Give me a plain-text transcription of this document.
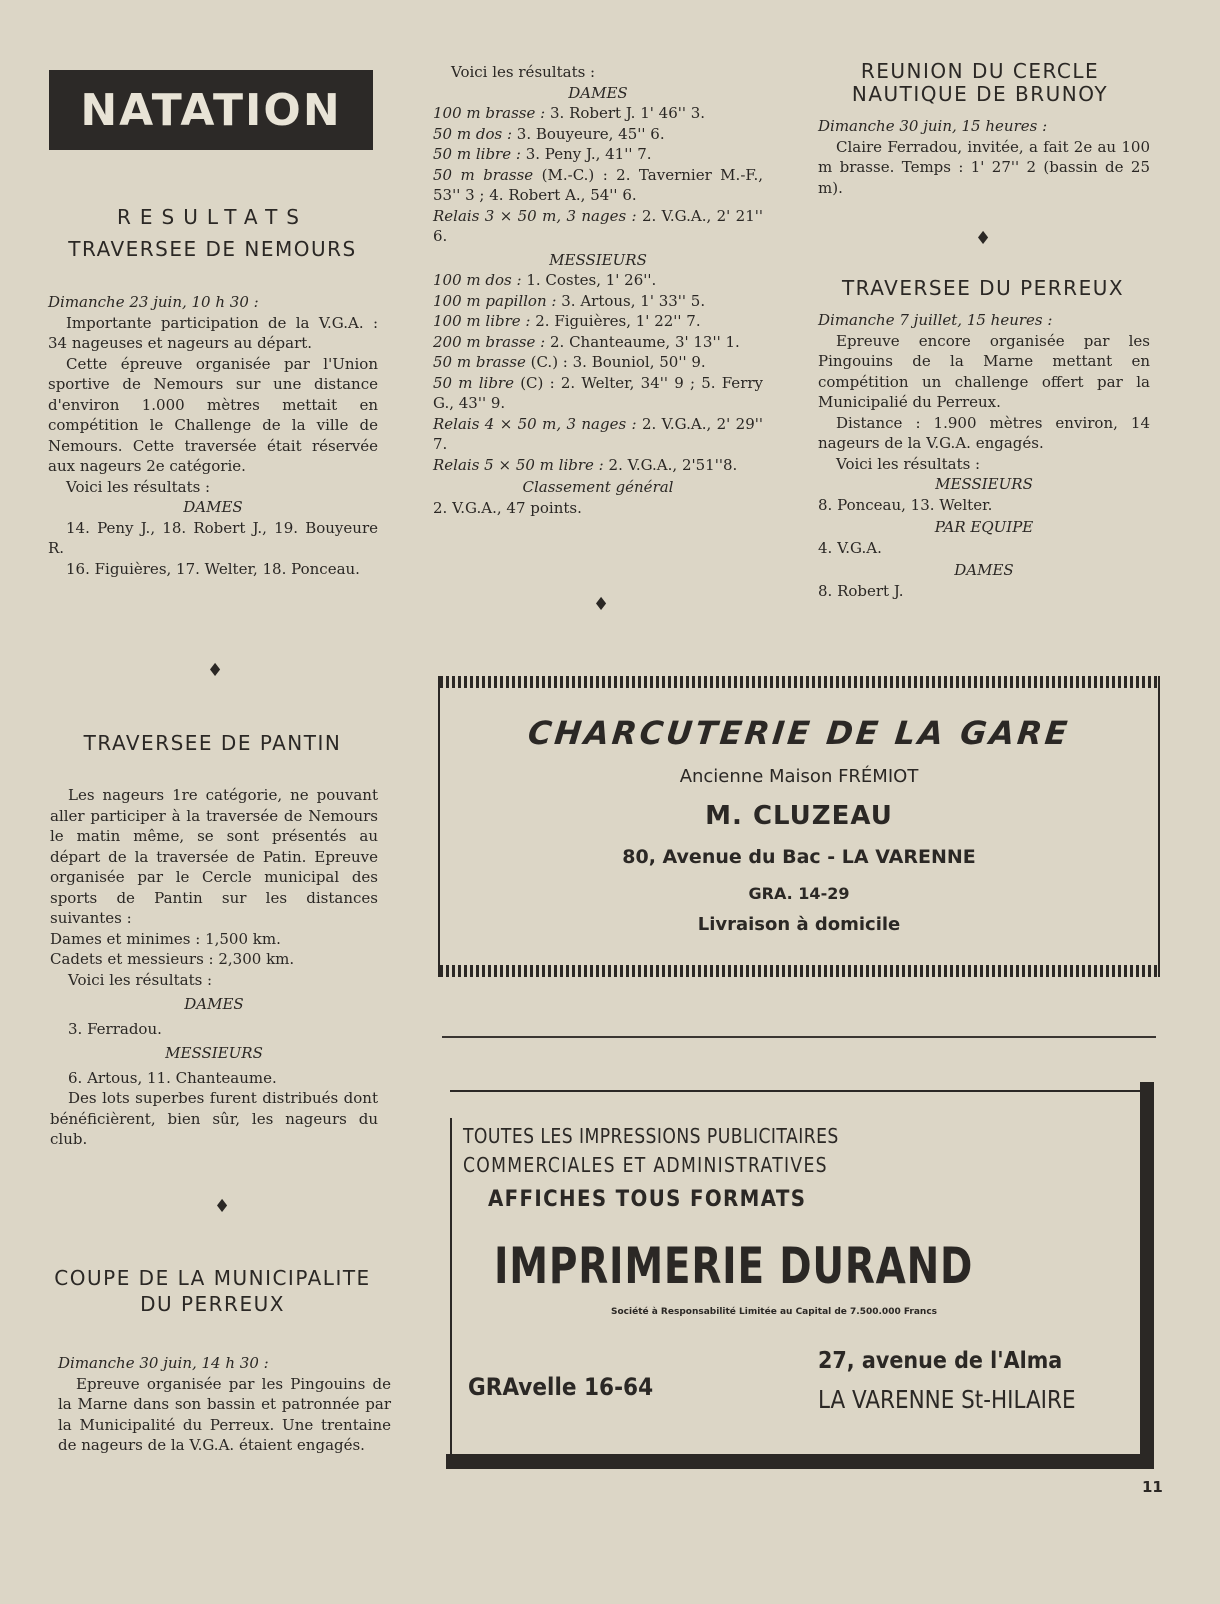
NATATION
RESULTATS
TRAVERSEE DE NEMOURS

Dimanche 23 juin, 10 h 30 :

Importante participation de la V.G.A. : 34 nageuses et nageurs au départ.

Cette épreuve organisée par l'Union sportive de Nemours sur une distance d'environ 1.000 mètres mettait en compétition le Challenge de la ville de Nemours. Cette traversée était réservée aux nageurs 2e catégorie.

Voici les résultats :

DAMES

14. Peny J., 18. Robert J., 19. Bouyeure R.

16. Figuières, 17. Welter, 18. Ponceau.

♦
TRAVERSEE DE PANTIN

Les nageurs 1re catégorie, ne pouvant aller participer à la traversée de Nemours le matin même, se sont présentés au départ de la traversée de Patin. Epreuve organisée par le Cercle municipal des sports de Pantin sur les distances suivantes :

Dames et minimes : 1,500 km.

Cadets et messieurs : 2,300 km.

Voici les résultats :

DAMES

3. Ferradou.

MESSIEURS

6. Artous, 11. Chanteaume.

Des lots superbes furent distribués dont bénéficièrent, bien sûr, les nageurs du club.

♦
COUPE DE LA MUNICIPALITE
DU PERREUX

Dimanche 30 juin, 14 h 30 :

Epreuve organisée par les Pingouins de la Marne dans son bassin et patronnée par la Municipalité du Perreux. Une trentaine de nageurs de la V.G.A. étaient engagés.

Voici les résultats :

DAMES

100 m brasse : 3. Robert J. 1' 46'' 3.

50 m dos : 3. Bouyeure, 45'' 6.

50 m libre : 3. Peny J., 41'' 7.

50 m brasse (M.-C.) : 2. Tavernier M.-F., 53'' 3 ; 4. Robert A., 54'' 6.

Relais 3 × 50 m, 3 nages : 2. V.G.A., 2' 21'' 6.

MESSIEURS

100 m dos : 1. Costes, 1' 26''.

100 m papillon : 3. Artous, 1' 33'' 5.

100 m libre : 2. Figuières, 1' 22'' 7.

200 m brasse : 2. Chanteaume, 3' 13'' 1.

50 m brasse (C.) : 3. Bouniol, 50'' 9.

50 m libre (C) : 2. Welter, 34'' 9 ; 5. Ferry G., 43'' 9.

Relais 4 × 50 m, 3 nages : 2. V.G.A., 2' 29'' 7.

Relais 5 × 50 m libre : 2. V.G.A., 2'51''8.

Classement général

2. V.G.A., 47 points.

♦
REUNION DU CERCLE
NAUTIQUE DE BRUNOY

Dimanche 30 juin, 15 heures :

Claire Ferradou, invitée, a fait 2e au 100 m brasse. Temps : 1' 27'' 2 (bassin de 25 m).

♦
TRAVERSEE DU PERREUX

Dimanche 7 juillet, 15 heures :

Epreuve encore organisée par les Pingouins de la Marne mettant en compétition un challenge offert par la Municipalié du Perreux.

Distance : 1.900 mètres environ, 14 nageurs de la V.G.A. engagés.

Voici les résultats :

MESSIEURS

8. Ponceau, 13. Welter.

PAR EQUIPE

4. V.G.A.

DAMES

8. Robert J.

CHARCUTERIE DE LA GARE
Ancienne Maison FRÉMIOT
M. CLUZEAU
80, Avenue du Bac - LA VARENNE
GRA. 14-29
Livraison à domicile
TOUTES LES IMPRESSIONS PUBLICITAIRES
COMMERCIALES ET ADMINISTRATIVES
AFFICHES TOUS FORMATS
IMPRIMERIE DURAND
Société à Responsabilité Limitée au Capital de 7.500.000 Francs
GRAvelle 16-64
27, avenue de l'Alma
LA VARENNE St-HILAIRE
11
